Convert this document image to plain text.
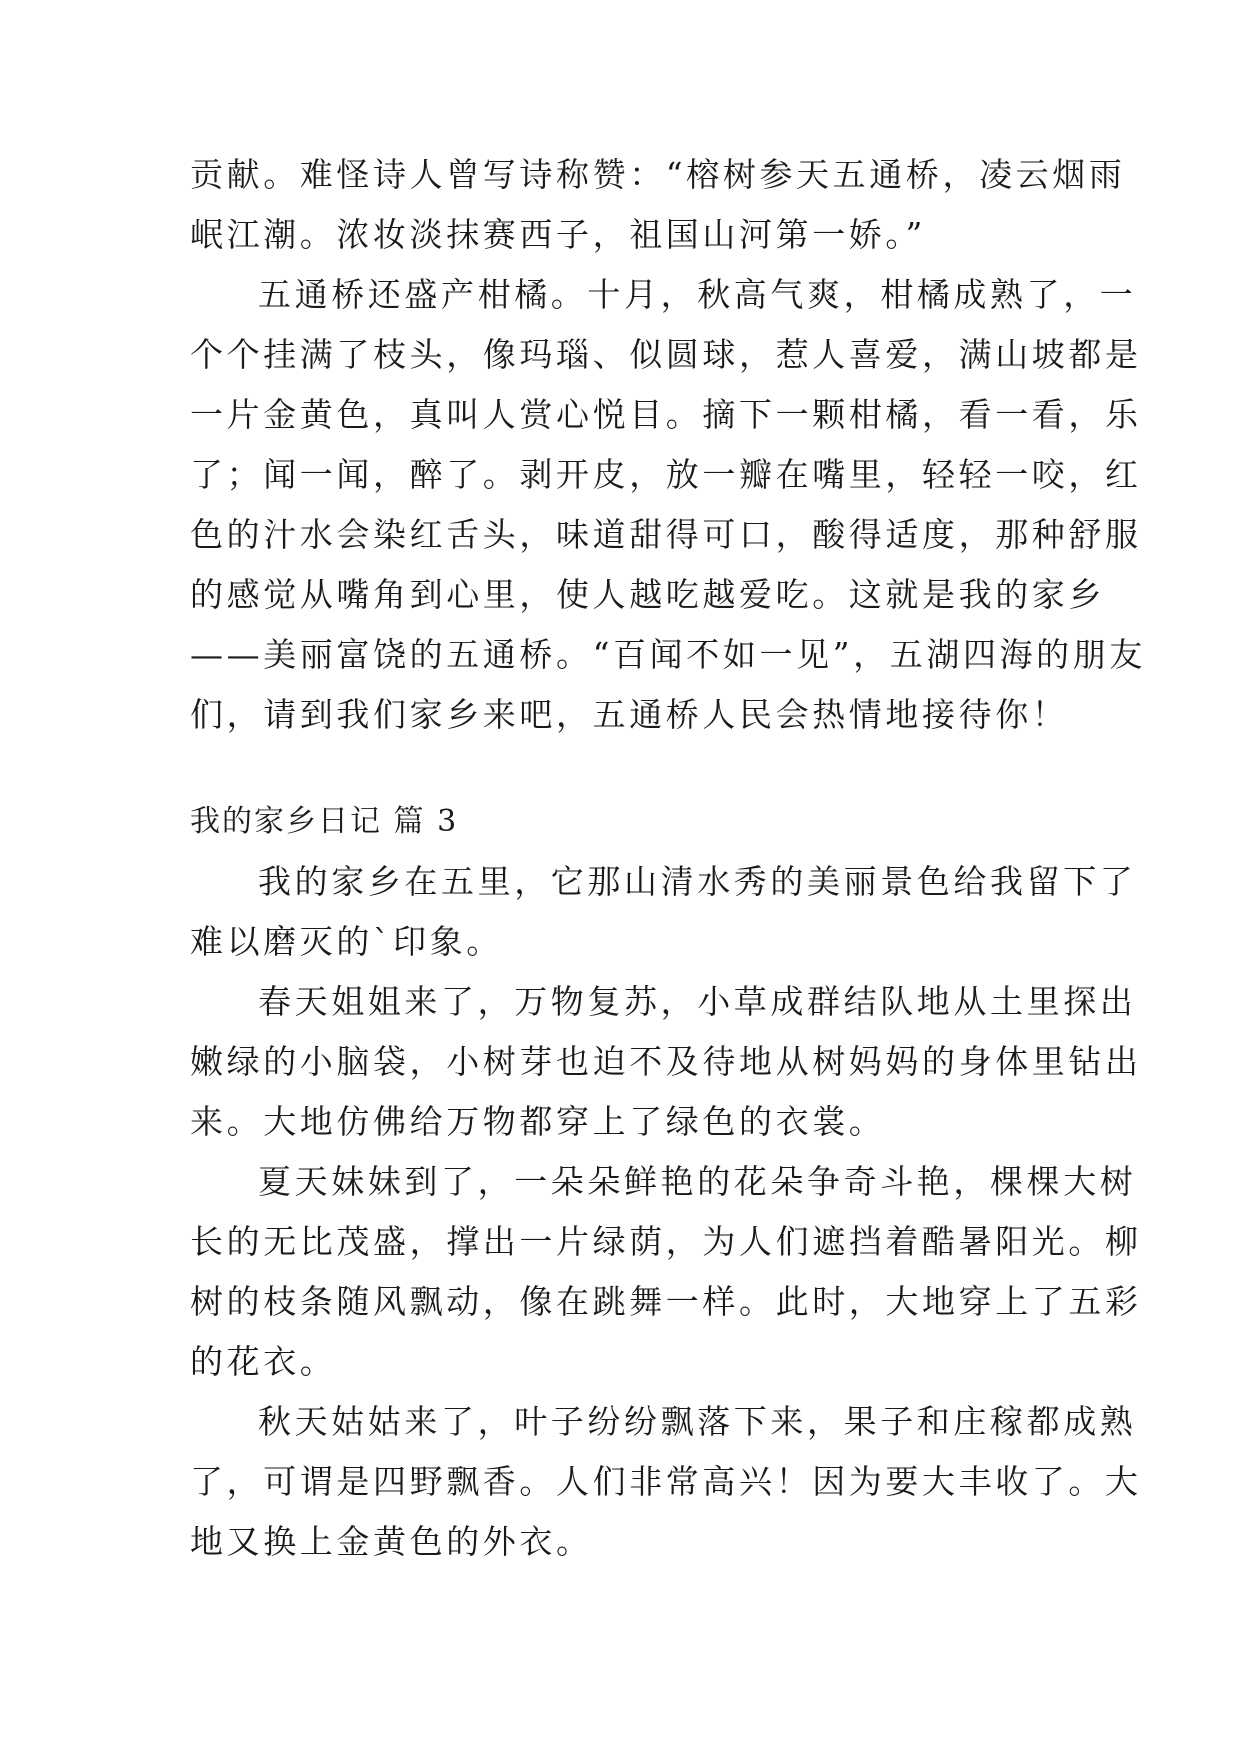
贡献。难怪诗人曾写诗称赞：“榕树参天五通桥，凌云烟雨
岷江潮。浓妆淡抹赛西子，祖国山河第一娇。”
五通桥还盛产柑橘。十月，秋高气爽，柑橘成熟了，一
个个挂满了枝头，像玛瑙、似圆球，惹人喜爱，满山坡都是
一片金黄色，真叫人赏心悦目。摘下一颗柑橘，看一看，乐
了；闻一闻，醉了。剥开皮，放一瓣在嘴里，轻轻一咬，红
色的汁水会染红舌头，味道甜得可口，酸得适度，那种舒服
的感觉从嘴角到心里，使人越吃越爱吃。这就是我的家乡
——美丽富饶的五通桥。“百闻不如一见”，五湖四海的朋友
们，请到我们家乡来吧，五通桥人民会热情地接待你！
我的家乡日记 篇 3
我的家乡在五里，它那山清水秀的美丽景色给我留下了
难以磨灭的`印象。
春天姐姐来了，万物复苏，小草成群结队地从土里探出
嫩绿的小脑袋，小树芽也迫不及待地从树妈妈的身体里钻出
来。大地仿佛给万物都穿上了绿色的衣裳。
夏天妹妹到了，一朵朵鲜艳的花朵争奇斗艳，棵棵大树
长的无比茂盛，撑出一片绿荫，为人们遮挡着酷暑阳光。柳
树的枝条随风飘动，像在跳舞一样。此时，大地穿上了五彩
的花衣。
秋天姑姑来了，叶子纷纷飘落下来，果子和庄稼都成熟
了，可谓是四野飘香。人们非常高兴！因为要大丰收了。大
地又换上金黄色的外衣。
